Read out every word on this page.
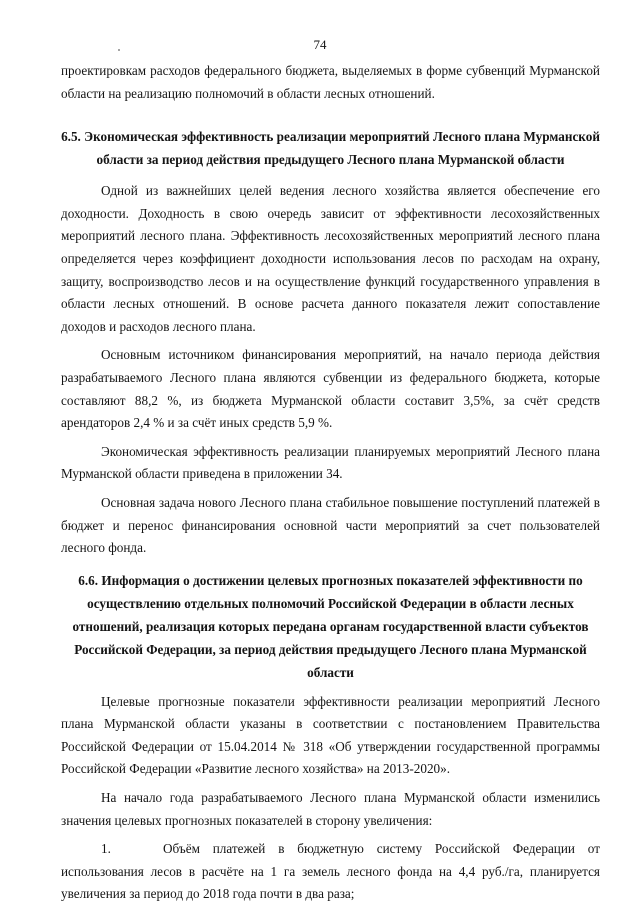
74

проектировкам расходов федерального бюджета, выделяемых в форме субвенций Мурманской области на реализацию полномочий в области лесных отношений.

6.5. Экономическая эффективность реализации мероприятий Лесного плана Мурманской области за период действия предыдущего Лесного плана Мурманской области

Одной из важнейших целей ведения лесного хозяйства является обеспечение его доходности. Доходность в свою очередь зависит от эффективности лесохозяйственных мероприятий лесного плана. Эффективность лесохозяйственных мероприятий лесного плана определяется через коэффициент доходности использования лесов по расходам на охрану, защиту, воспроизводство лесов и на осуществление функций государственного управления в области лесных отношений. В основе расчета данного показателя лежит сопоставление доходов и расходов лесного плана.

Основным источником финансирования мероприятий, на начало периода действия разрабатываемого Лесного плана являются субвенции из федерального бюджета, которые составляют 88,2 %, из бюджета Мурманской области составит 3,5%, за счёт средств арендаторов 2,4 % и за счёт иных средств 5,9 %.

Экономическая эффективность реализации планируемых мероприятий Лесного плана Мурманской области приведена в приложении 34.

Основная задача нового Лесного плана стабильное повышение поступлений платежей в бюджет и перенос финансирования основной части мероприятий за счет пользователей лесного фонда.

6.6. Информация о достижении целевых прогнозных показателей эффективности по осуществлению отдельных полномочий Российской Федерации в области лесных отношений, реализация которых передана органам государственной власти субъектов Российской Федерации, за период действия предыдущего Лесного плана Мурманской области

Целевые прогнозные показатели эффективности реализации мероприятий Лесного плана Мурманской области указаны в соответствии с постановлением Правительства Российской Федерации от 15.04.2014 № 318 «Об утверждении государственной программы Российской Федерации «Развитие лесного хозяйства» на 2013-2020».

На начало года разрабатываемого Лесного плана Мурманской области изменились значения целевых прогнозных показателей в сторону увеличения:

1.	Объём платежей в бюджетную систему Российской Федерации от использования лесов в расчёте на 1 га земель лесного фонда на 4,4 руб./га, планируется увеличения за период до 2018 года почти в два раза;
